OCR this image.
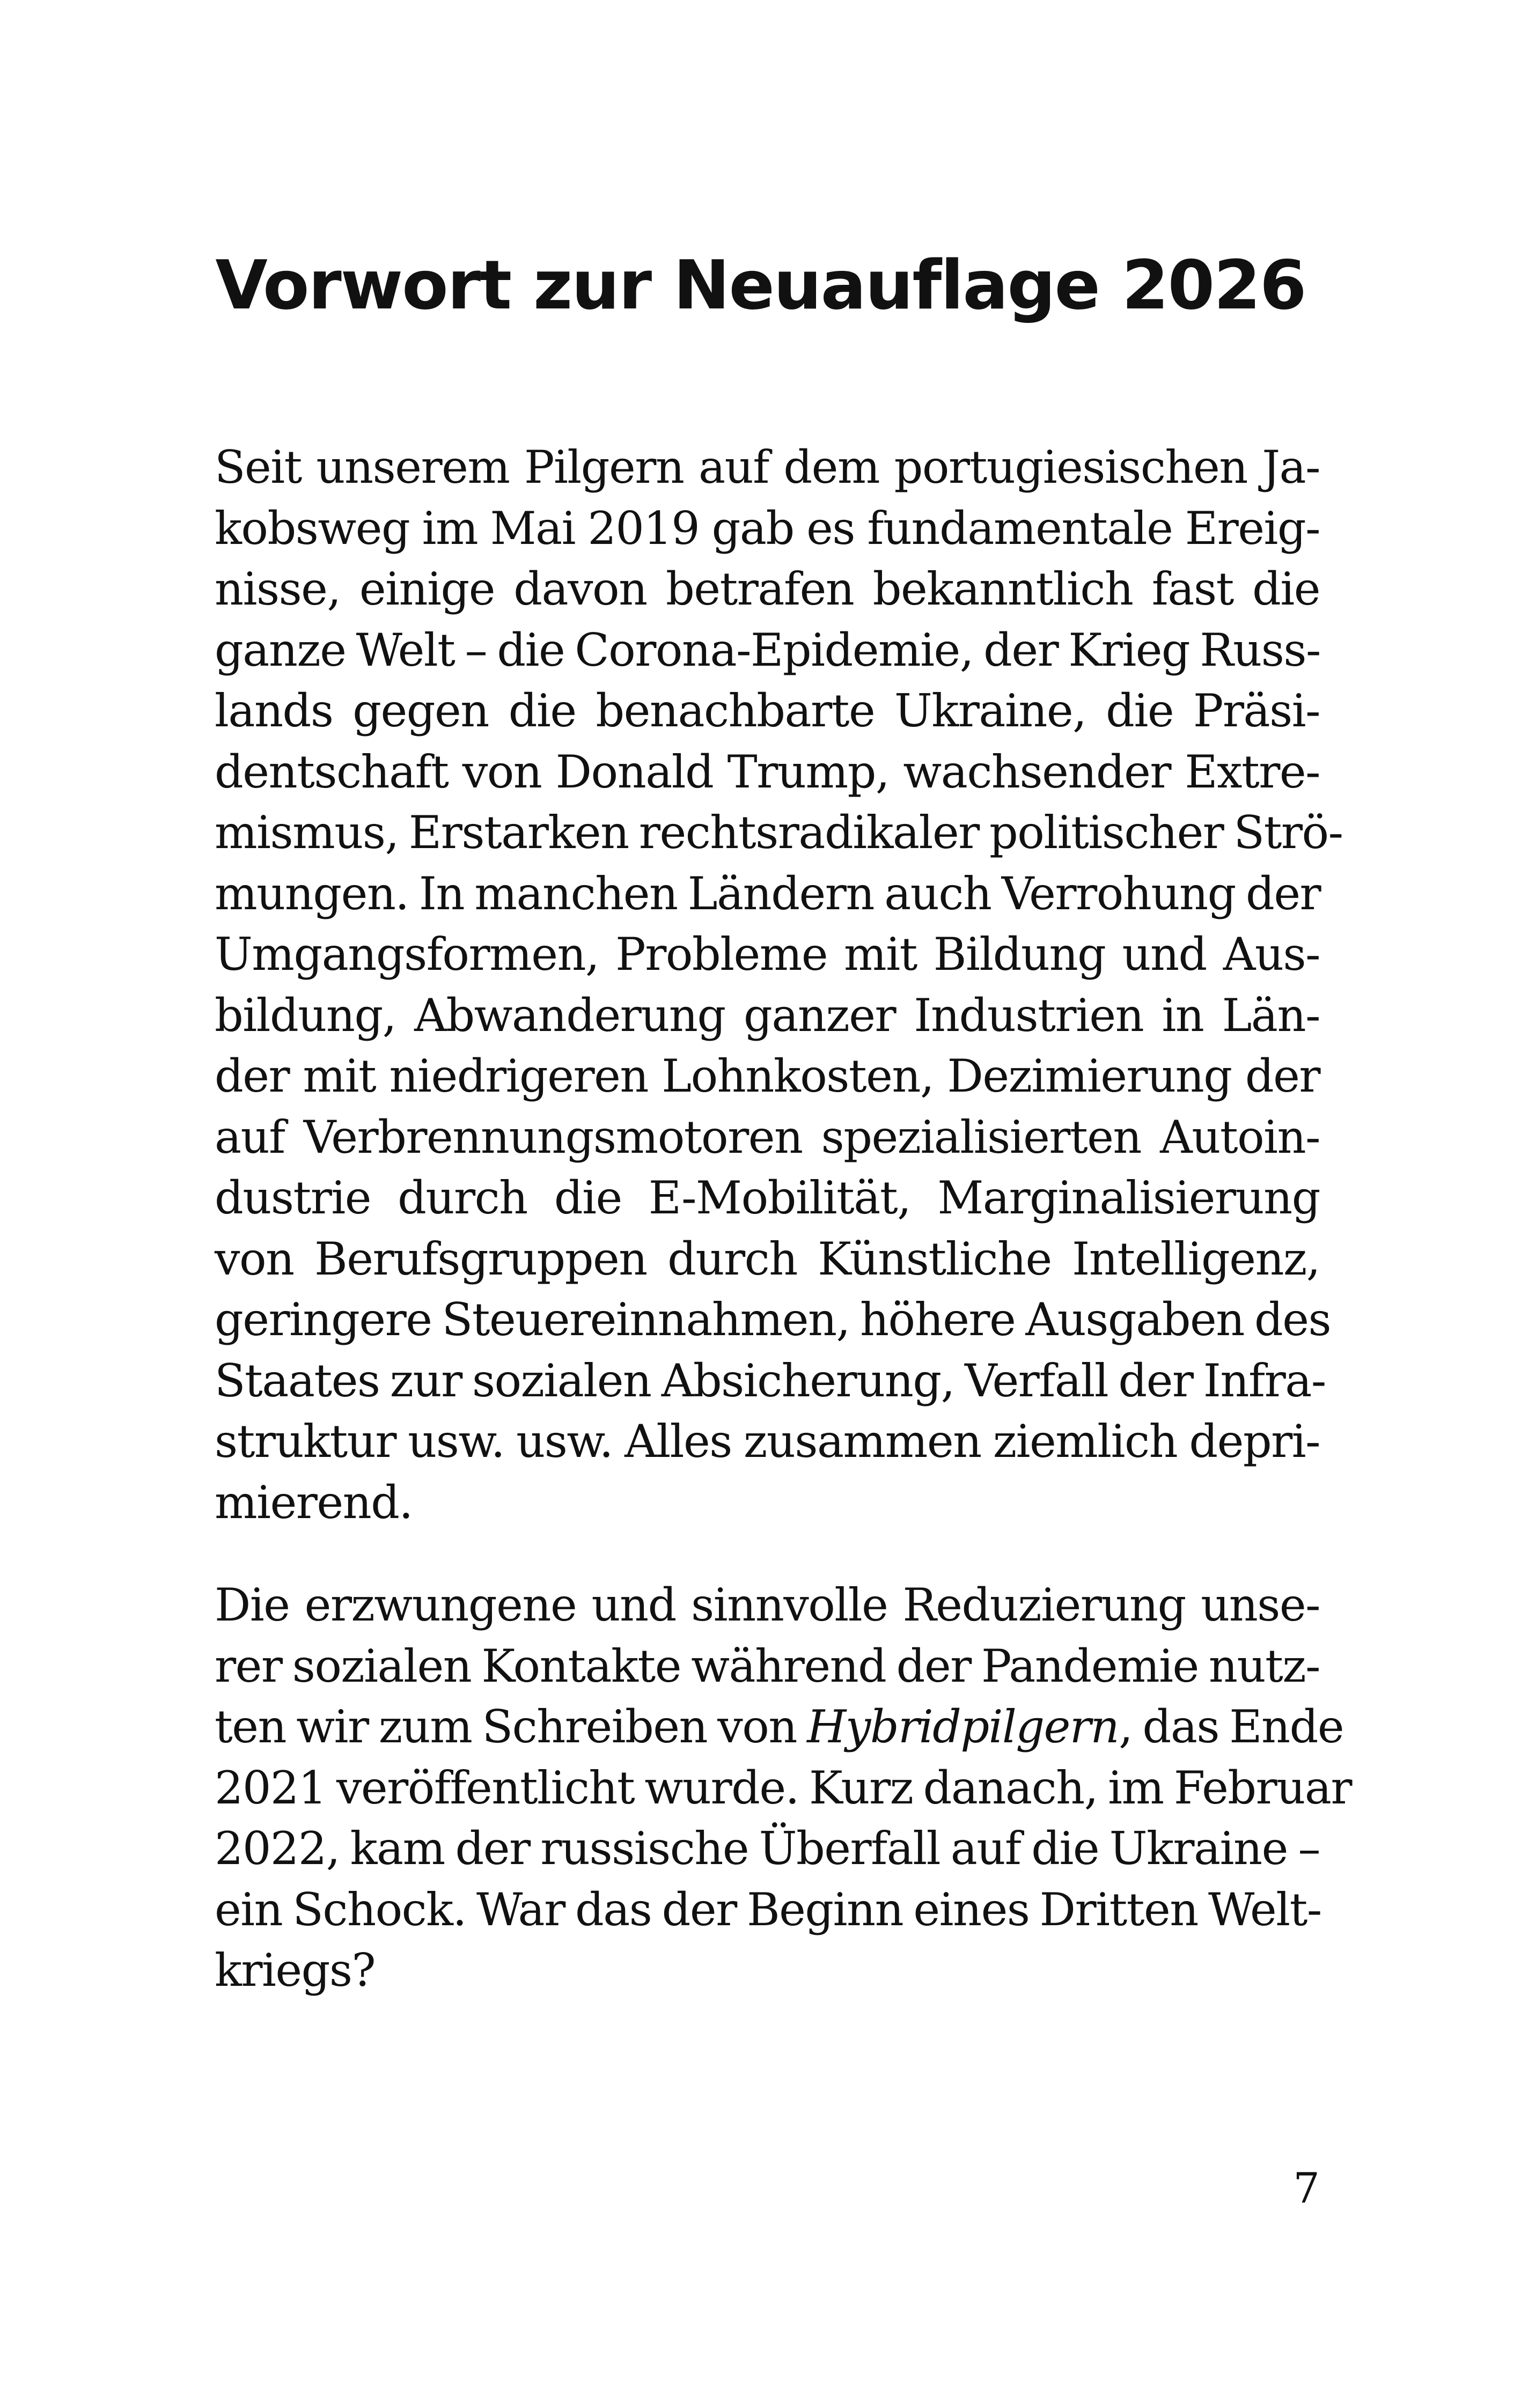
Vorwort zur Neuauflage 2026
Seit unserem Pilgern auf dem portugiesischen Ja-
kobsweg im Mai 2019 gab es fundamentale Ereig-
nisse, einige davon betrafen bekanntlich fast die
ganze Welt – die Corona-Epidemie, der Krieg Russ-
lands gegen die benachbarte Ukraine, die Präsi-
dentschaft von Donald Trump, wachsender Extre-
mismus, Erstarken rechtsradikaler politischer Strö-
mungen. In manchen Ländern auch Verrohung der
Umgangsformen, Probleme mit Bildung und Aus-
bildung, Abwanderung ganzer Industrien in Län-
der mit niedrigeren Lohnkosten, Dezimierung der
auf Verbrennungsmotoren spezialisierten Autoin-
dustrie durch die E-Mobilität, Marginalisierung
von Berufsgruppen durch Künstliche Intelligenz,
geringere Steuereinnahmen, höhere Ausgaben des
Staates zur sozialen Absicherung, Verfall der Infra-
struktur usw. usw. Alles zusammen ziemlich depri-
mierend.
Die erzwungene und sinnvolle Reduzierung unse-
rer sozialen Kontakte während der Pandemie nutz-
ten wir zum Schreiben von Hybridpilgern, das Ende
2021 veröffentlicht wurde. Kurz danach, im Februar
2022, kam der russische Überfall auf die Ukraine –
ein Schock. War das der Beginn eines Dritten Welt-
kriegs?
7
